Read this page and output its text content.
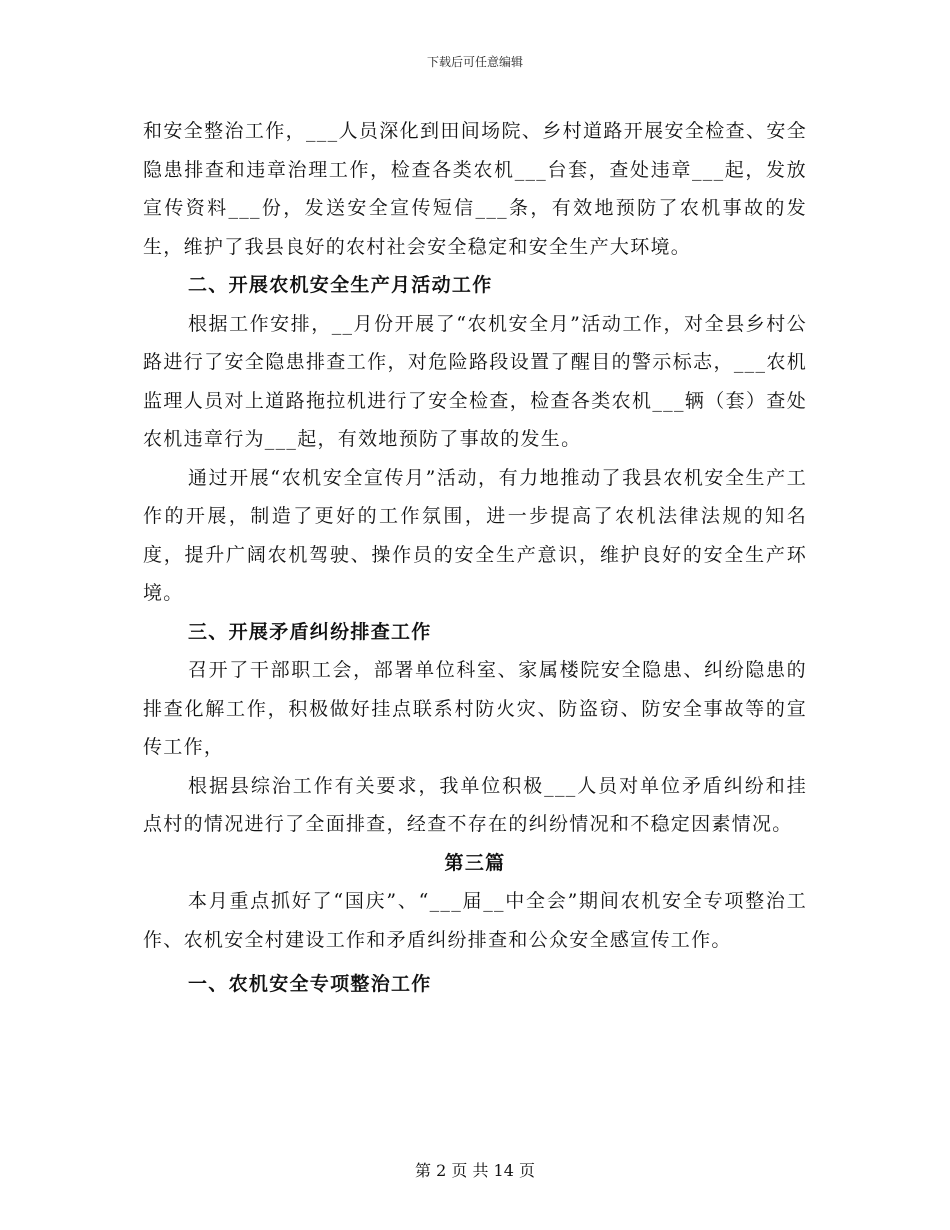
下载后可任意编辑

和安全整治工作，___人员深化到田间场院、乡村道路开展安全检查、安全隐患排查和违章治理工作，检查各类农机___台套，查处违章___起，发放宣传资料___份，发送安全宣传短信___条，有效地预防了农机事故的发生，维护了我县良好的农村社会安全稳定和安全生产大环境。

二、开展农机安全生产月活动工作

根据工作安排，__月份开展了“农机安全月”活动工作，对全县乡村公路进行了安全隐患排查工作，对危险路段设置了醒目的警示标志，___农机监理人员对上道路拖拉机进行了安全检查，检查各类农机___辆（套）查处农机违章行为___起，有效地预防了事故的发生。

通过开展“农机安全宣传月”活动，有力地推动了我县农机安全生产工作的开展，制造了更好的工作氛围，进一步提高了农机法律法规的知名度，提升广阔农机驾驶、操作员的安全生产意识，维护良好的安全生产环境。

三、开展矛盾纠纷排查工作

召开了干部职工会，部署单位科室、家属楼院安全隐患、纠纷隐患的排查化解工作，积极做好挂点联系村防火灾、防盗窃、防安全事故等的宣传工作，

根据县综治工作有关要求，我单位积极___人员对单位矛盾纠纷和挂点村的情况进行了全面排查，经查不存在的纠纷情况和不稳定因素情况。

第三篇

本月重点抓好了“国庆”、“___届__中全会”期间农机安全专项整治工作、农机安全村建设工作和矛盾纠纷排查和公众安全感宣传工作。

一、农机安全专项整治工作
第 2 页 共 14 页
